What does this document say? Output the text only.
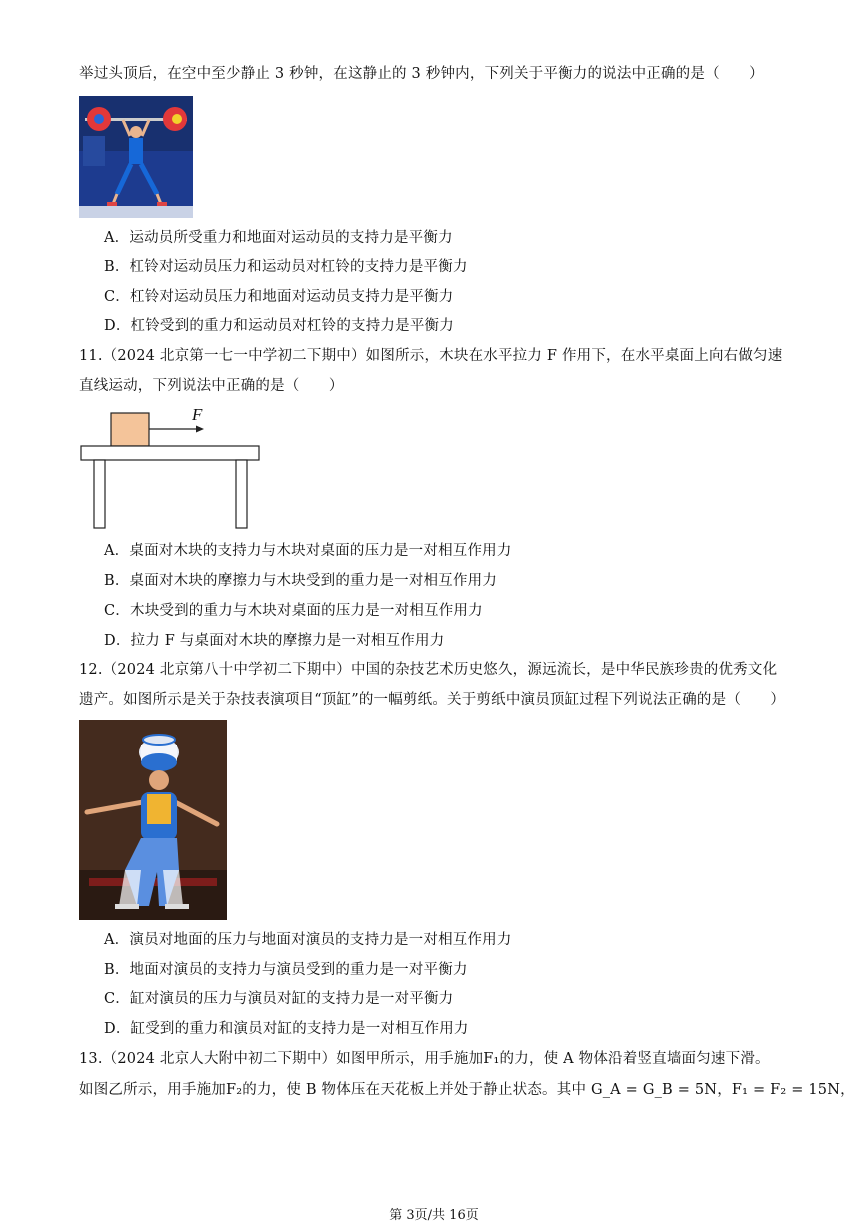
举过头顶后，在空中至少静止 3 秒钟，在这静止的 3 秒钟内，下列关于平衡力的说法中正确的是（　　）
A．运动员所受重力和地面对运动员的支持力是平衡力
B．杠铃对运动员压力和运动员对杠铃的支持力是平衡力
C．杠铃对运动员压力和地面对运动员支持力是平衡力
D．杠铃受到的重力和运动员对杠铃的支持力是平衡力
11.（2024 北京第一七一中学初二下期中）如图所示，木块在水平拉力 F 作用下，在水平桌面上向右做匀速
直线运动，下列说法中正确的是（　　）
F
A．桌面对木块的支持力与木块对桌面的压力是一对相互作用力
B．桌面对木块的摩擦力与木块受到的重力是一对相互作用力
C．木块受到的重力与木块对桌面的压力是一对相互作用力
D．拉力 F 与桌面对木块的摩擦力是一对相互作用力
12.（2024 北京第八十中学初二下期中）中国的杂技艺术历史悠久，源远流长，是中华民族珍贵的优秀文化
遗产。如图所示是关于杂技表演项目“顶缸”的一幅剪纸。关于剪纸中演员顶缸过程下列说法正确的是（　　）
A．演员对地面的压力与地面对演员的支持力是一对相互作用力
B．地面对演员的支持力与演员受到的重力是一对平衡力
C．缸对演员的压力与演员对缸的支持力是一对平衡力
D．缸受到的重力和演员对缸的支持力是一对相互作用力
13.（2024 北京人大附中初二下期中）如图甲所示，用手施加F₁的力，使 A 物体沿着竖直墙面匀速下滑。
如图乙所示，用手施加F₂的力，使 B 物体压在天花板上并处于静止状态。其中 G_A = G_B = 5N，F₁ = F₂ = 15N，
第 3页/共 16页
